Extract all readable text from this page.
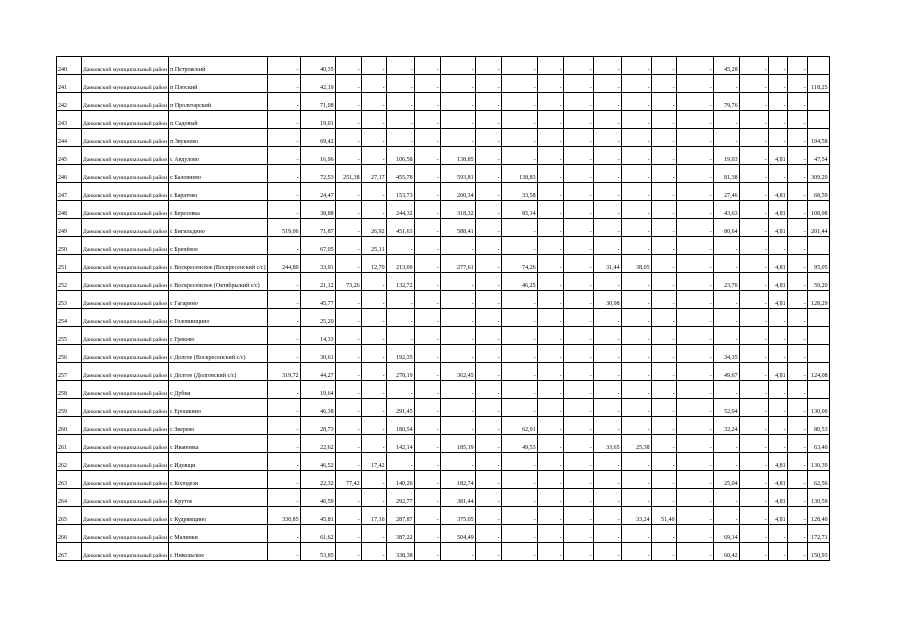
240	Данковский муниципальный район	п Петровский	-	40,35	-	-	-	-	-	-	-	-	-	-	-	-	-	45,28	-	-	-	
241	Данковский муниципальный район	п Плоский	-	42,19	-	-	-	-	-	-	-	-	-	-	-	-	-	-	-	-	-	118,25
242	Данковский муниципальный район	п Пролетарский	-	71,08	-	-	-	-	-	-	-	-	-	-	-	-	-	79,76	-	-	-	
243	Данковский муниципальный район	п Садовый	-	19,01	-	-	-	-	-	-	-	-	-	-	-	-	-	-	-	-	-	
244	Данковский муниципальный район	п Звукнево	-	69,42	-	-	-	-	-	-	-	-	-	-	-	-	-	-	-	-	-	194,58
245	Данковский муниципальный район	с Авдулово	-	16,96	-	-	106,58	-	138,85	-	-	-	-	-	-	-	-	19,03	-	4,81	-	47,54
246	Данковский муниципальный район	с Баловнево	-	72,53	251,38	27,17	455,78	-	593,81	-	138,83	-	-	-	-	-	-	81,38	-	-	-	309,20
247	Данковский муниципальный район	с Баратово	-	24,47	-	-	153,73	-	200,34	-	33,58	-	-	-	-	-	-	27,46	-	4,81	-	68,59
248	Данковский муниципальный район	с Березовка	-	38,88	-	-	244,32	-	318,32	-	85,14	-	-	-	-	-	-	43,63	-	4,81	-	108,98
249	Данковский муниципальный район	с Бигильдино	519,06	71,87	-	26,92	451,63	-	588,41	-	-	-	-	-	-	-	-	80,64	-	4,81	-	201,44
250	Данковский муниципальный район	с Бренёвое	-	67,05	-	25,11	-	-	-	-	-	-	-	-	-	-	-	-	-	-	-	
251	Данковский муниципальный район	с Воскресенское (Воскресенский с/с)	244,80	33,91	-	12,70	213,09	-	277,61	-	74,26	-	-	31,44	38,05	-	-	-	-	4,81	-	95,05
252	Данковский муниципальный район	с Воскресенское (Октябрьский с/с)	-	21,12	73,26	-	132,72	-	-	-	46,25	-	-	-	-	-	-	23,70	-	4,81	-	59,20
253	Данковский муниципальный район	с Гагарино	-	45,77	-	-	-	-	-	-	-	-	-	30,98	-	-	-	-	-	4,81	-	128,29
254	Данковский муниципальный район	с Головинщино	-	25,20	-	-	-	-	-	-	-	-	-	-	-	-	-	-	-	-	-	
255	Данковский муниципальный район	с Греково	-	14,33	-	-	-	-	-	-	-	-	-	-	-	-	-	-	-	-	-	
256	Данковский муниципальный район	с Долгое (Воскресенский с/с)	-	30,61	-	-	192,35	-	-	-	-	-	-	-	-	-	-	34,35	-	-	-	
257	Данковский муниципальный район	с Долгое (Долговский с/с)	319,72	44,27	-	-	278,19	-	362,45	-	-	-	-	-	-	-	-	49,67	-	4,81	-	124,08
258	Данковский муниципальный район	с Дубки	-	19,64	-	-	-	-	-	-	-	-	-	-	-	-	-	-	-	-	-	
259	Данковский муниципальный район	с Ерошкино	-	46,38	-	-	291,45	-	-	-	-	-	-	-	-	-	-	52,04	-	-	-	130,00
260	Данковский муниципальный район	с Зверево	-	28,73	-	-	180,54	-	-	-	62,91	-	-	-	-	-	-	32,24	-	-	-	80,53
261	Данковский муниципальный район	с Ивановка	-	22,62	-	-	142,14	-	185,19	-	49,53	-	-	33,65	25,38	-	-	-	-	-	-	63,40
262	Данковский муниципальный район	с Идовщи	-	46,52	-	17,42	-	-	-	-	-	-	-	-	-	-	-	-	-	4,81	-	130,39
263	Данковский муниципальный район	с Колодези	-	22,32	77,42	-	140,26	-	182,74	-	-	-	-	-	-	-	-	25,04	-	4,81	-	62,56
264	Данковский муниципальный район	с Крутое	-	46,59	-	-	292,77	-	381,44	-	-	-	-	-	-	-	-	-	-	4,81	-	130,59
265	Данковский муниципальный район	с Кудрявщино	330,85	45,81	-	17,16	287,87	-	375,05	-	-	-	-	-	33,24	51,40	-	-	-	4,81	-	128,40
266	Данковский муниципальный район	с Малинки	-	61,62	-	-	387,22	-	504,49	-	-	-	-	-	-	-	-	69,14	-	-	-	172,71
267	Данковский муниципальный район	с Никольское	-	53,85	-	-	338,38	-	-	-	-	-	-	-	-	-	-	60,42	-	-	-	150,93
